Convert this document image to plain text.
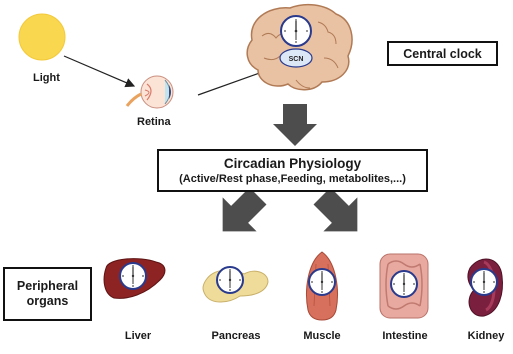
SCN
Light
Retina
Central clock
Circadian Physiology
(Active/Rest phase,Feeding, metabolites,...)
Peripheral
organs
Liver	Pancreas	Muscle	Intestine	Kidney
